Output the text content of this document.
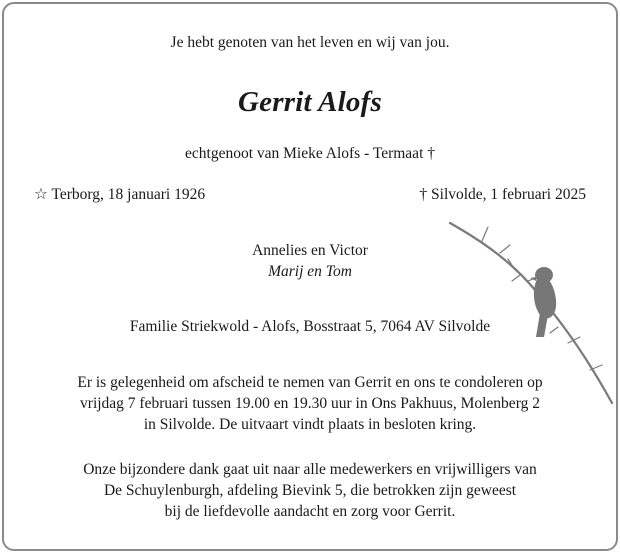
Je hebt genoten van het leven en wij van jou.
Gerrit Alofs
echtgenoot van Mieke Alofs - Termaat †
☆ Terborg, 18 januari 1926	† Silvolde, 1 februari 2025
Annelies en Victor
Marij en Tom
Familie Striekwold - Alofs, Bosstraat 5, 7064 AV Silvolde
Er is gelegenheid om afscheid te nemen van Gerrit en ons te condoleren op
vrijdag 7 februari tussen 19.00 en 19.30 uur in Ons Pakhuus, Molenberg 2
in Silvolde. De uitvaart vindt plaats in besloten kring.
Onze bijzondere dank gaat uit naar alle medewerkers en vrijwilligers van
De Schuylenburgh, afdeling Bievink 5, die betrokken zijn geweest
bij de liefdevolle aandacht en zorg voor Gerrit.
